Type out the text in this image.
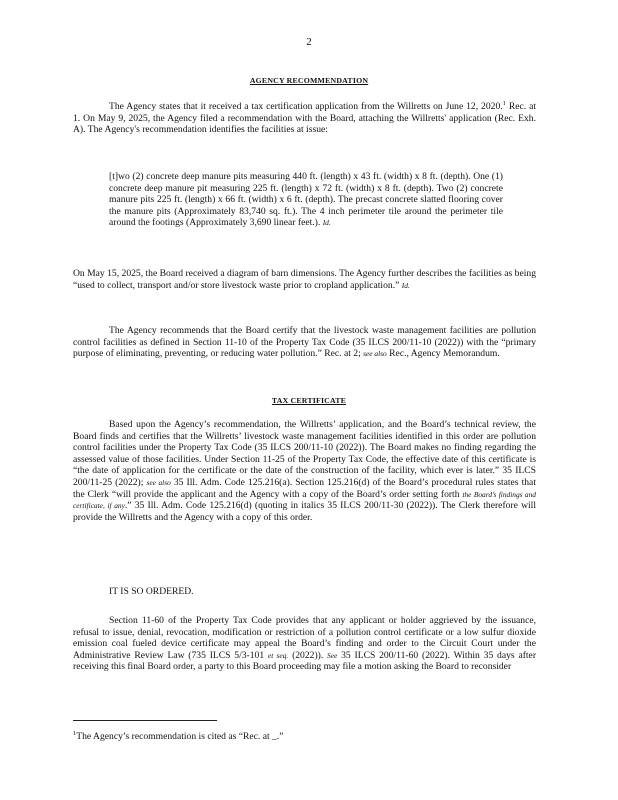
2
AGENCY RECOMMENDATION

The Agency states that it received a tax certification application from the Willretts on June 12, 2020.$^1$ Rec. at 1. On May 9, 2025, the Agency filed a recommendation with the Board, attaching the Willretts' application (Rec. Exh. A). The Agency's recommendation identifies the facilities at issue:

[t]wo (2) concrete deep manure pits measuring 440 ft. (length) x 43 ft. (width) x 8 ft. (depth). One (1) concrete deep manure pit measuring 225 ft. (length) x 72 ft. (width) x 8 ft. (depth). Two (2) concrete manure pits 225 ft. (length) x 66 ft. (width) x 6 ft. (depth). The precast concrete slatted flooring cover the manure pits (Approximately 83,740 sq. ft.). The 4 inch perimeter tile around the perimeter tile around the footings (Approximately 3,690 linear feet.). Id.

On May 15, 2025, the Board received a diagram of barn dimensions. The Agency further describes the facilities as being “used to collect, transport and/or store livestock waste prior to cropland application.” Id.

The Agency recommends that the Board certify that the livestock waste management facilities are pollution control facilities as defined in Section 11-10 of the Property Tax Code (35 ILCS 200/11-10 (2022)) with the “primary purpose of eliminating, preventing, or reducing water pollution.” Rec. at 2; see also Rec., Agency Memorandum.

TAX CERTIFICATE

Based upon the Agency’s recommendation, the Willretts’ application, and the Board’s technical review, the Board finds and certifies that the Willretts’ livestock waste management facilities identified in this order are pollution control facilities under the Property Tax Code (35 ILCS 200/11-10 (2022)). The Board makes no finding regarding the assessed value of those facilities. Under Section 11-25 of the Property Tax Code, the effective date of this certificate is “the date of application for the certificate or the date of the construction of the facility, which ever is later.” 35 ILCS 200/11-25 (2022); see also 35 Ill. Adm. Code 125.216(a). Section 125.216(d) of the Board’s procedural rules states that the Clerk “will provide the applicant and the Agency with a copy of the Board’s order setting forth the Board’s findings and certificate, if any.” 35 Ill. Adm. Code 125.216(d) (quoting in italics 35 ILCS 200/11-30 (2022)). The Clerk therefore will provide the Willretts and the Agency with a copy of this order.

IT IS SO ORDERED.

Section 11-60 of the Property Tax Code provides that any applicant or holder aggrieved by the issuance, refusal to issue, denial, revocation, modification or restriction of a pollution control certificate or a low sulfur dioxide emission coal fueled device certificate may appeal the Board’s finding and order to the Circuit Court under the Administrative Review Law (735 ILCS 5/3-101 et seq. (2022)). See 35 ILCS 200/11-60 (2022). Within 35 days after receiving this final Board order, a party to this Board proceeding may file a motion asking the Board to reconsider

$^1$The Agency’s recommendation is cited as “Rec. at _.”
